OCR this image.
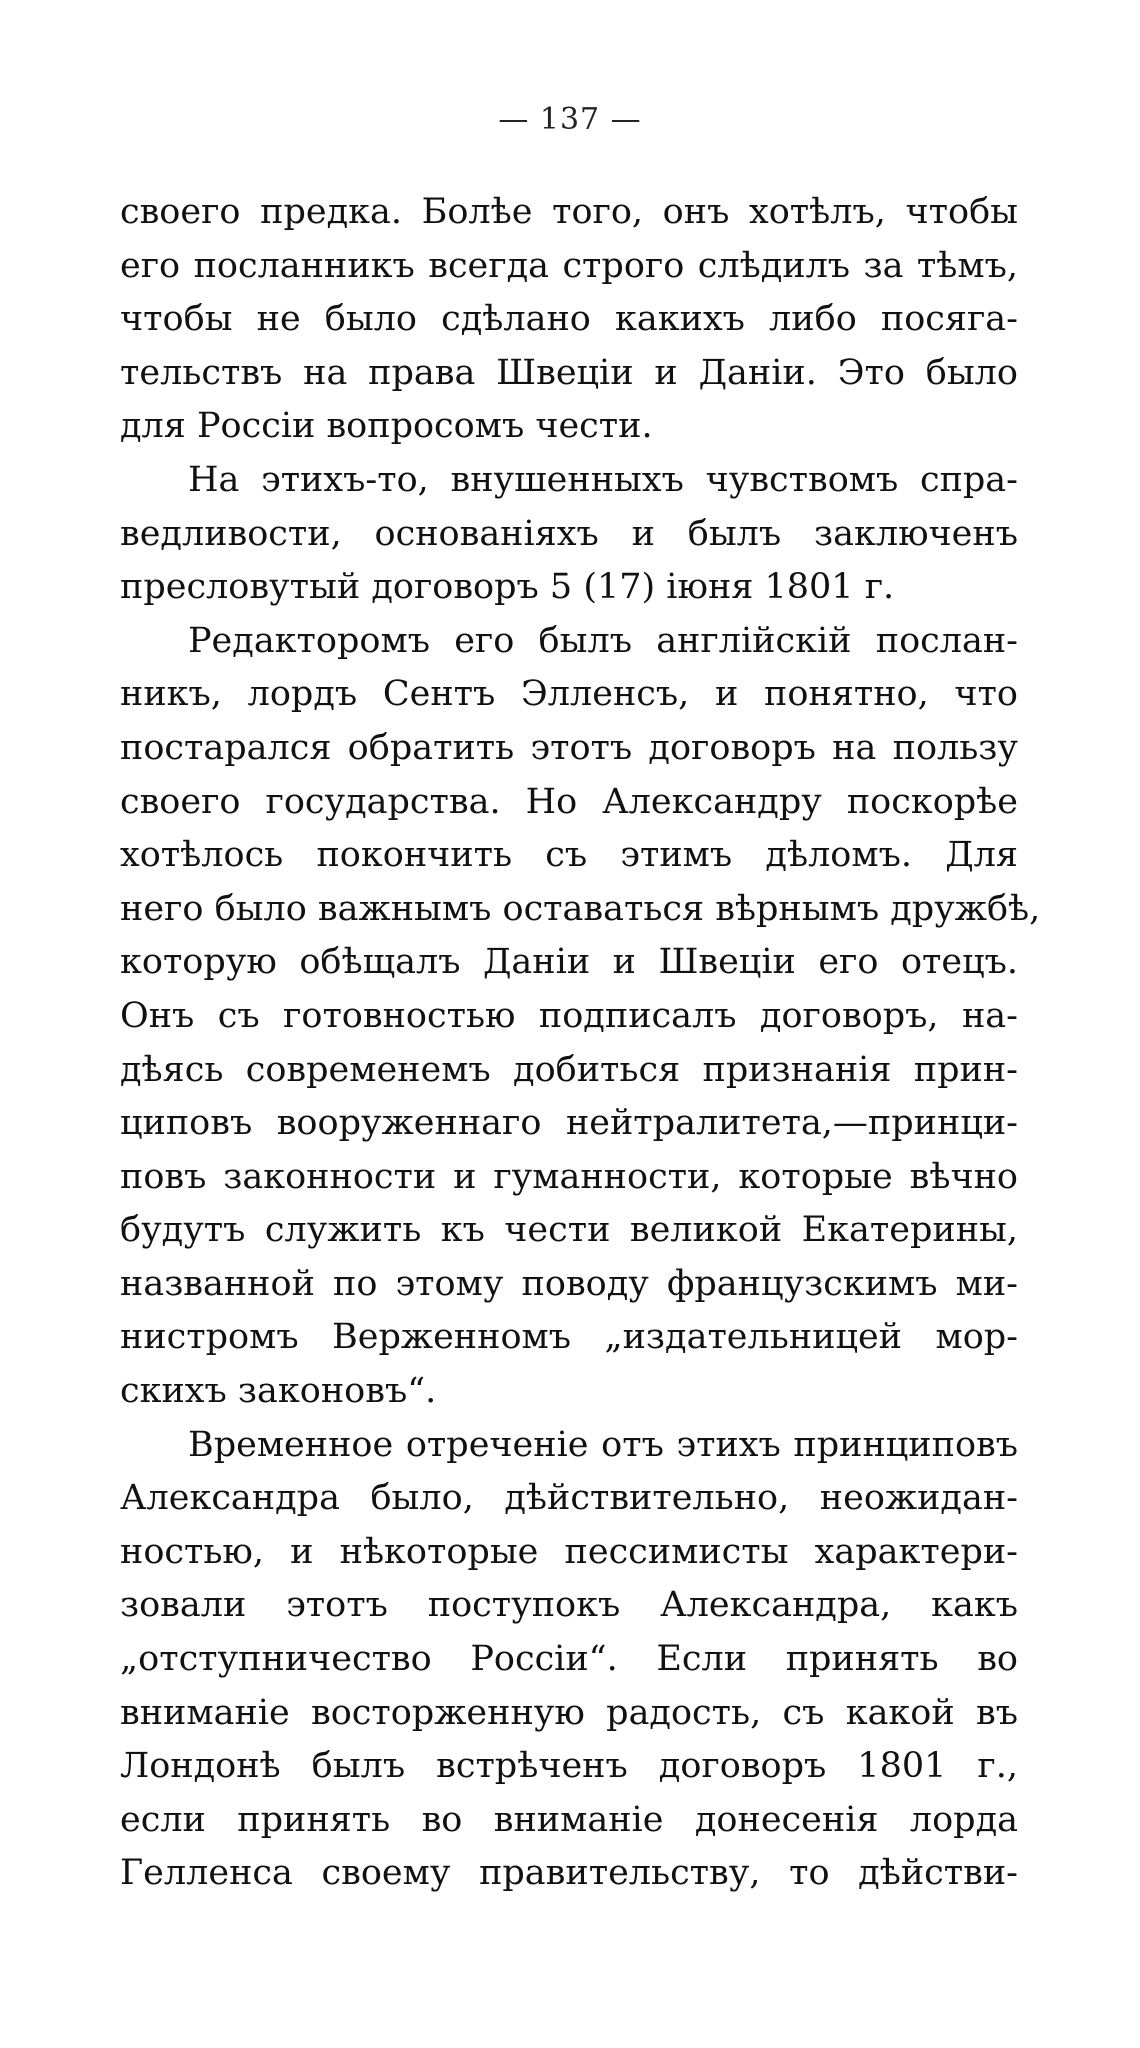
— 137 —
своего предка. Болѣе того, онъ хотѣлъ, чтобы
его посланникъ всегда строго слѣдилъ за тѣмъ,
чтобы не было сдѣлано какихъ либо посяга-
тельствъ на права Швеціи и Даніи. Это было
для Россіи вопросомъ чести.
На этихъ-то, внушенныхъ чувствомъ спра-
ведливости, основаніяхъ и былъ заключенъ
пресловутый договоръ 5 (17) іюня 1801 г.
Редакторомъ его былъ англійскій послан-
никъ, лордъ Сентъ Элленсъ, и понятно, что
постарался обратить этотъ договоръ на пользу
своего государства. Но Александру поскорѣе
хотѣлось покончить съ этимъ дѣломъ. Для
него было важнымъ оставаться вѣрнымъ дружбѣ,
которую обѣщалъ Даніи и Швеціи его отецъ.
Онъ съ готовностью подписалъ договоръ, на-
дѣясь современемъ добиться признанія прин-
циповъ вооруженнаго нейтралитета,—принци-
повъ законности и гуманности, которые вѣчно
будутъ служить къ чести великой Екатерины,
названной по этому поводу французскимъ ми-
нистромъ Верженномъ „издательницей мор-
скихъ законовъ“.
Временное отреченіе отъ этихъ принциповъ
Александра было, дѣйствительно, неожидан-
ностью, и нѣкоторые пессимисты характери-
зовали этотъ поступокъ Александра, какъ
„отступничество Россіи“. Если принять во
вниманіе восторженную радость, съ какой въ
Лондонѣ былъ встрѣченъ договоръ 1801 г.,
если принять во вниманіе донесенія лорда
Гелленса своему правительству, то дѣйстви-
